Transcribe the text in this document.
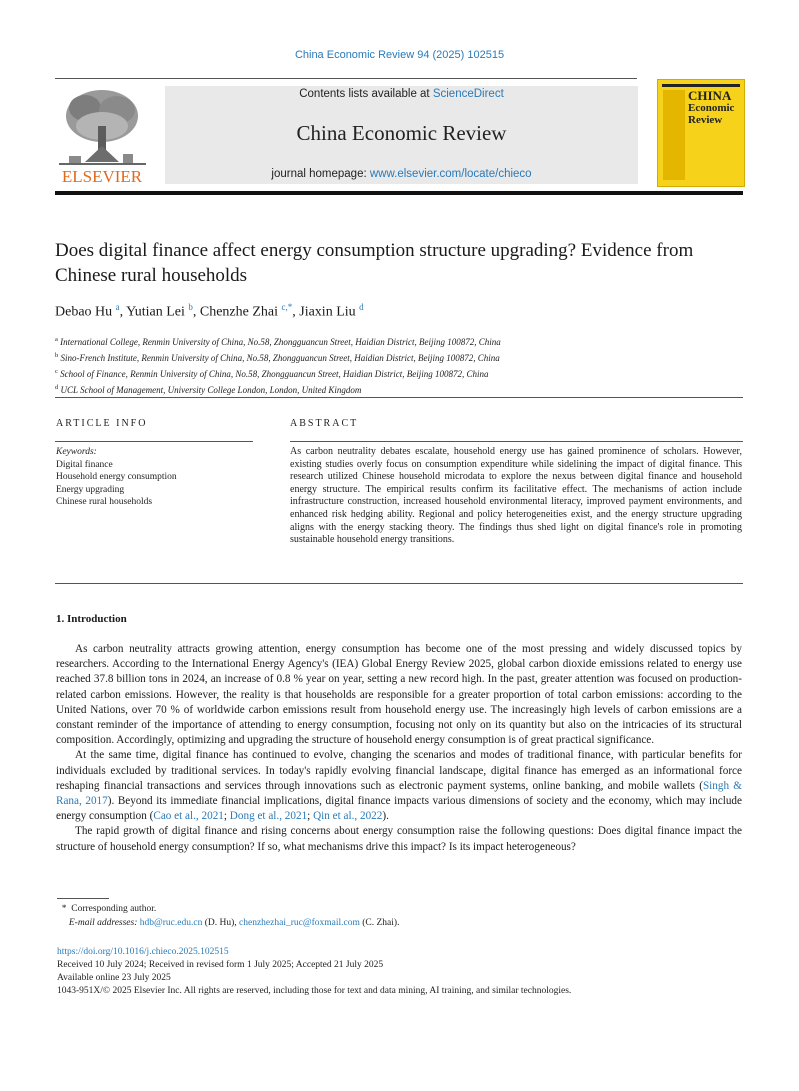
China Economic Review 94 (2025) 102515
ELSEVIER
Contents lists available at ScienceDirect
China Economic Review
journal homepage: www.elsevier.com/locate/chieco
CHINA
Economic
Review
Does digital finance affect energy consumption structure upgrading? Evidence from Chinese rural households
Debao Hu $^a$, Yutian Lei $^b$, Chenzhe Zhai $^{c,*}$, Jiaxin Liu $^d$
$^a$ International College, Renmin University of China, No.58, Zhongguancun Street, Haidian District, Beijing 100872, China
$^b$ Sino-French Institute, Renmin University of China, No.58, Zhongguancun Street, Haidian District, Beijing 100872, China
$^c$ School of Finance, Renmin University of China, No.58, Zhongguancun Street, Haidian District, Beijing 100872, China
$^d$ UCL School of Management, University College London, London, United Kingdom
ARTICLE INFO
Keywords:
Digital finance
Household energy consumption
Energy upgrading
Chinese rural households
ABSTRACT
As carbon neutrality debates escalate, household energy use has gained prominence of scholars. However, existing studies overly focus on consumption expenditure while sidelining the impact of digital finance. This research utilized Chinese household microdata to explore the nexus between digital finance and household energy structure. The empirical results confirm its facilitative effect. The mechanisms of action include infrastructure construction, increased household environmental literacy, improved payment environments, and enhanced risk hedging ability. Regional and policy heterogeneities exist, and the energy structure upgrading aligns with the energy stacking theory. The findings thus shed light on digital finance's role in promoting sustainable household energy transitions.
1. Introduction

As carbon neutrality attracts growing attention, energy consumption has become one of the most pressing and widely discussed topics by researchers. According to the International Energy Agency's (IEA) Global Energy Review 2025, global carbon dioxide emissions related to energy use reached 37.8 billion tons in 2024, an increase of 0.8 % year on year, setting a new record high. In the past, greater attention was focused on production-related carbon emissions. However, the reality is that households are responsible for a greater proportion of total carbon emissions: according to the United Nations, over 70 % of worldwide carbon emissions result from household energy use. The increasingly high levels of carbon emissions are a constant reminder of the importance of attending to energy consumption, focusing not only on its quantity but also on the intricacies of its structural composition. Accordingly, optimizing and upgrading the structure of household energy consumption is of great practical significance.

At the same time, digital finance has continued to evolve, changing the scenarios and modes of traditional finance, with particular benefits for individuals excluded by traditional services. In today's rapidly evolving financial landscape, digital finance has emerged as an informational force reshaping financial transactions and services through innovations such as electronic payment systems, online banking, and mobile wallets (Singh & Rana, 2017). Beyond its immediate financial implications, digital finance impacts various dimensions of society and the economy, which may include energy consumption (Cao et al., 2021; Dong et al., 2021; Qin et al., 2022).

The rapid growth of digital finance and rising concerns about energy consumption raise the following questions: Does digital finance impact the structure of household energy consumption? If so, what mechanisms drive this impact? Is its impact heterogeneous?

* Corresponding author.
E-mail addresses: hdb@ruc.edu.cn (D. Hu), chenzhezhai_ruc@foxmail.com (C. Zhai).
https://doi.org/10.1016/j.chieco.2025.102515
Received 10 July 2024; Received in revised form 1 July 2025; Accepted 21 July 2025
Available online 23 July 2025
1043-951X/© 2025 Elsevier Inc. All rights are reserved, including those for text and data mining, AI training, and similar technologies.
